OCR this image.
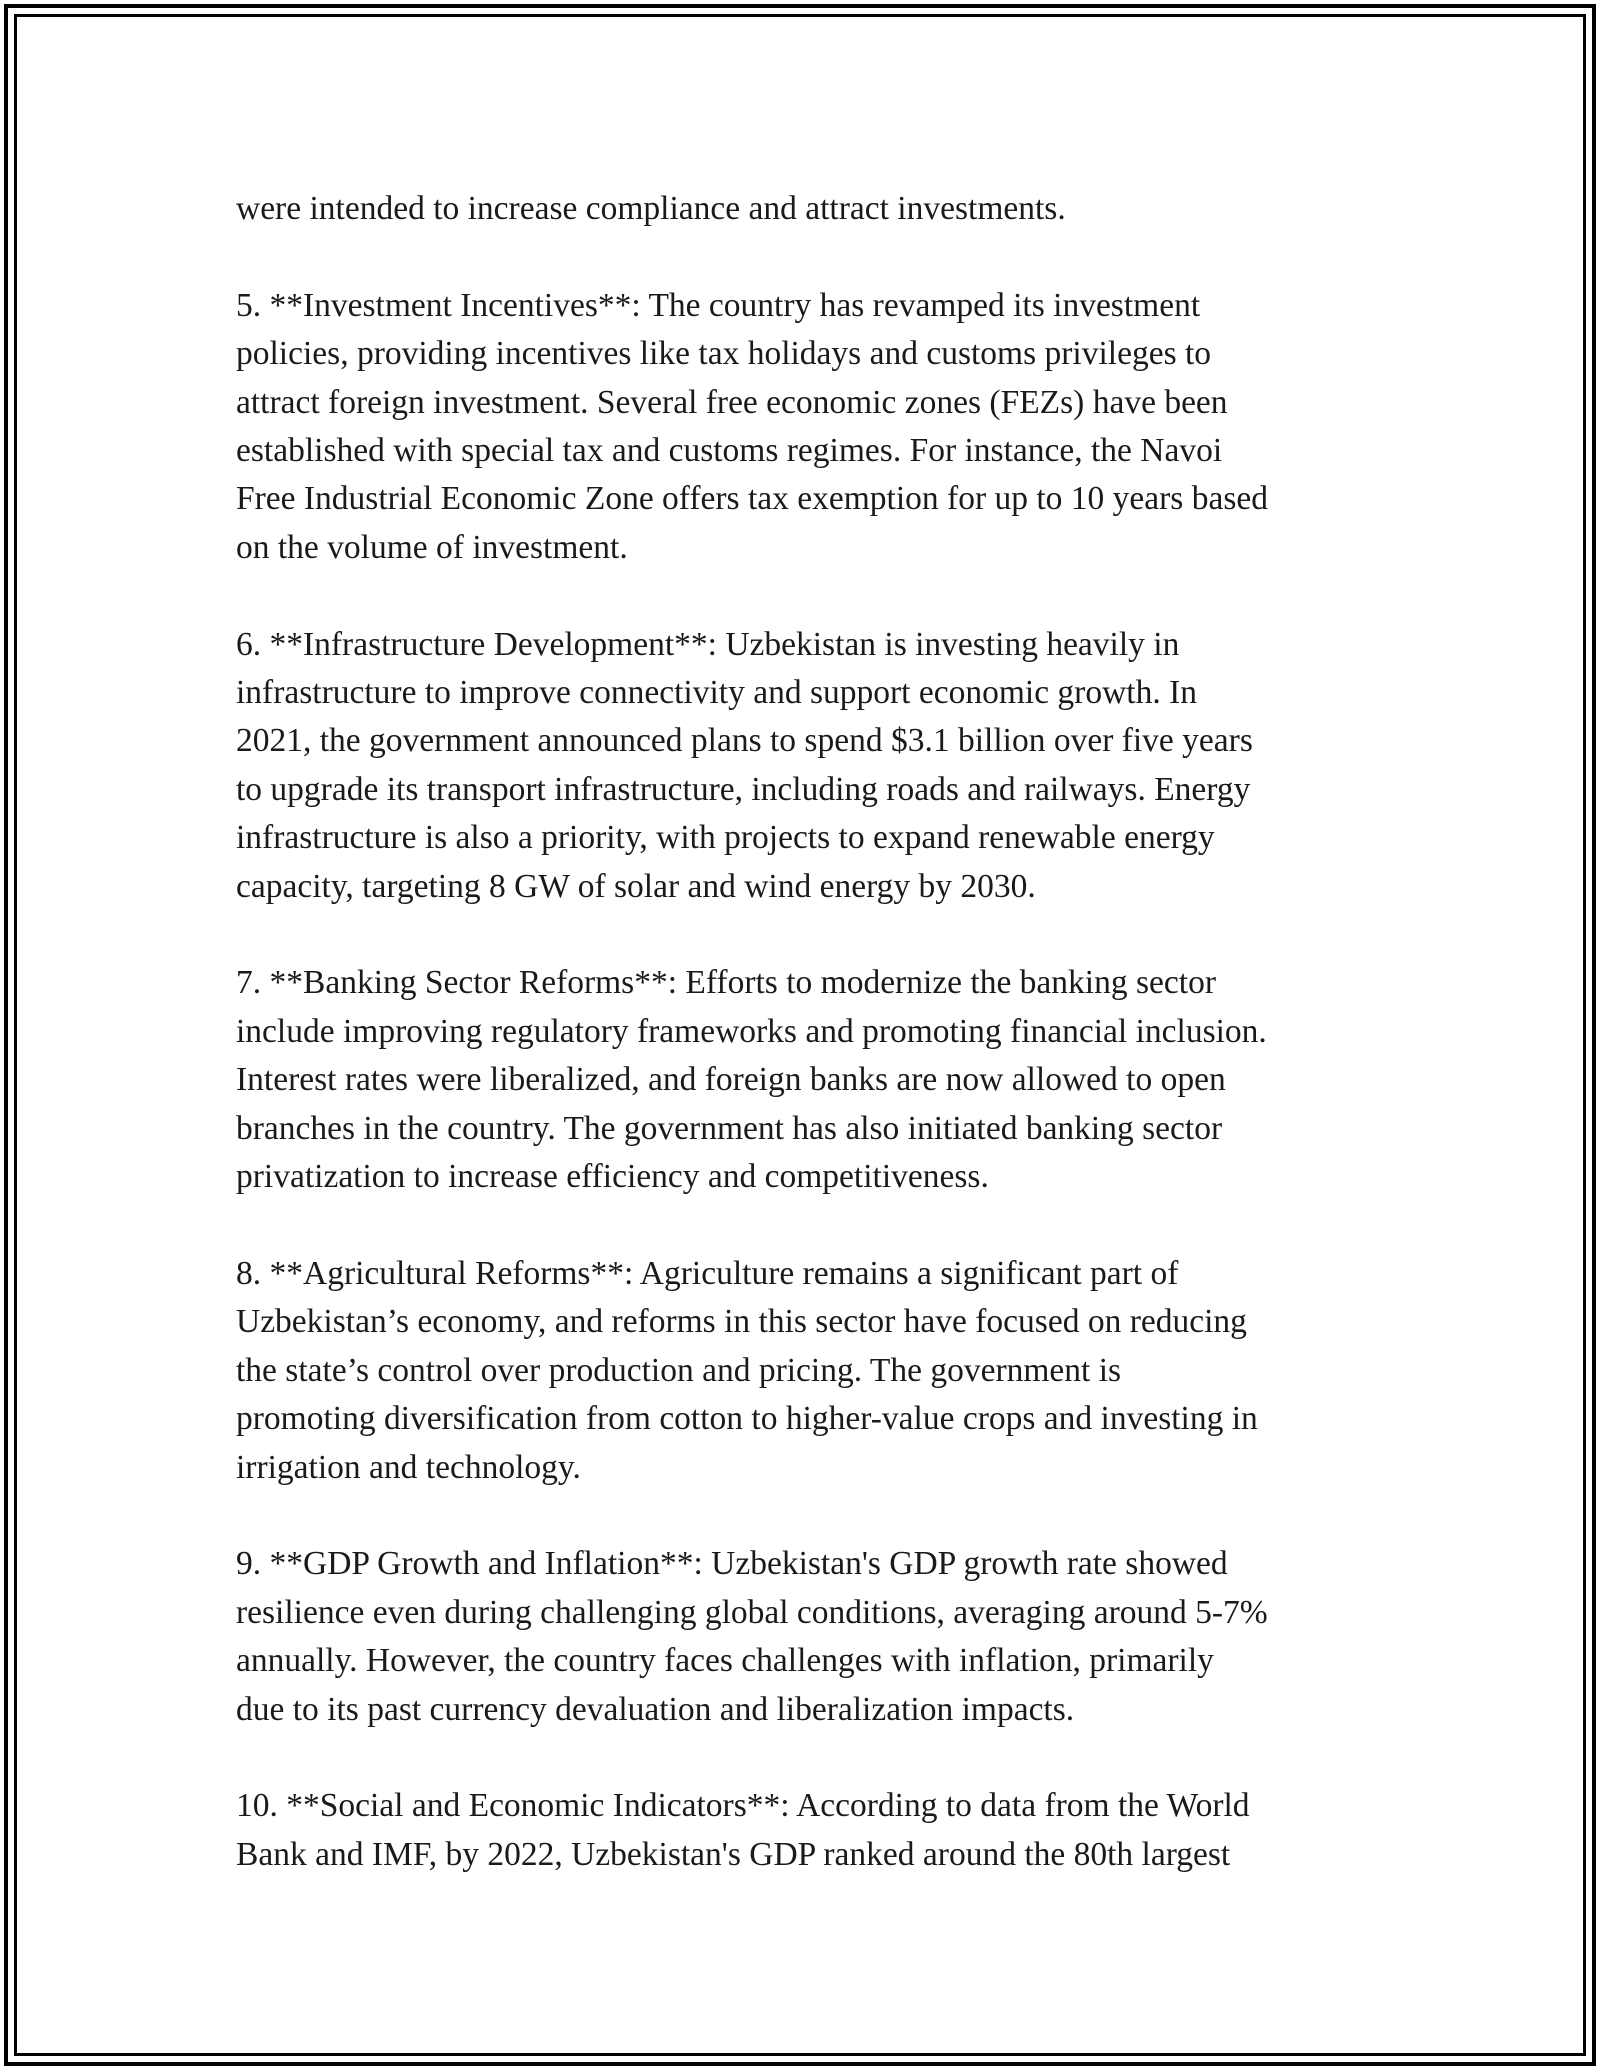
were intended to increase compliance and attract investments.

5. **Investment Incentives**: The country has revamped its investment
policies, providing incentives like tax holidays and customs privileges to
attract foreign investment. Several free economic zones (FEZs) have been
established with special tax and customs regimes. For instance, the Navoi
Free Industrial Economic Zone offers tax exemption for up to 10 years based
on the volume of investment.

6. **Infrastructure Development**: Uzbekistan is investing heavily in
infrastructure to improve connectivity and support economic growth. In
2021, the government announced plans to spend $3.1 billion over five years
to upgrade its transport infrastructure, including roads and railways. Energy
infrastructure is also a priority, with projects to expand renewable energy
capacity, targeting 8 GW of solar and wind energy by 2030.

7. **Banking Sector Reforms**: Efforts to modernize the banking sector
include improving regulatory frameworks and promoting financial inclusion.
Interest rates were liberalized, and foreign banks are now allowed to open
branches in the country. The government has also initiated banking sector
privatization to increase efficiency and competitiveness.

8. **Agricultural Reforms**: Agriculture remains a significant part of
Uzbekistan’s economy, and reforms in this sector have focused on reducing
the state’s control over production and pricing. The government is
promoting diversification from cotton to higher-value crops and investing in
irrigation and technology.

9. **GDP Growth and Inflation**: Uzbekistan's GDP growth rate showed
resilience even during challenging global conditions, averaging around 5-7%
annually. However, the country faces challenges with inflation, primarily
due to its past currency devaluation and liberalization impacts.

10. **Social and Economic Indicators**: According to data from the World
Bank and IMF, by 2022, Uzbekistan's GDP ranked around the 80th largest
